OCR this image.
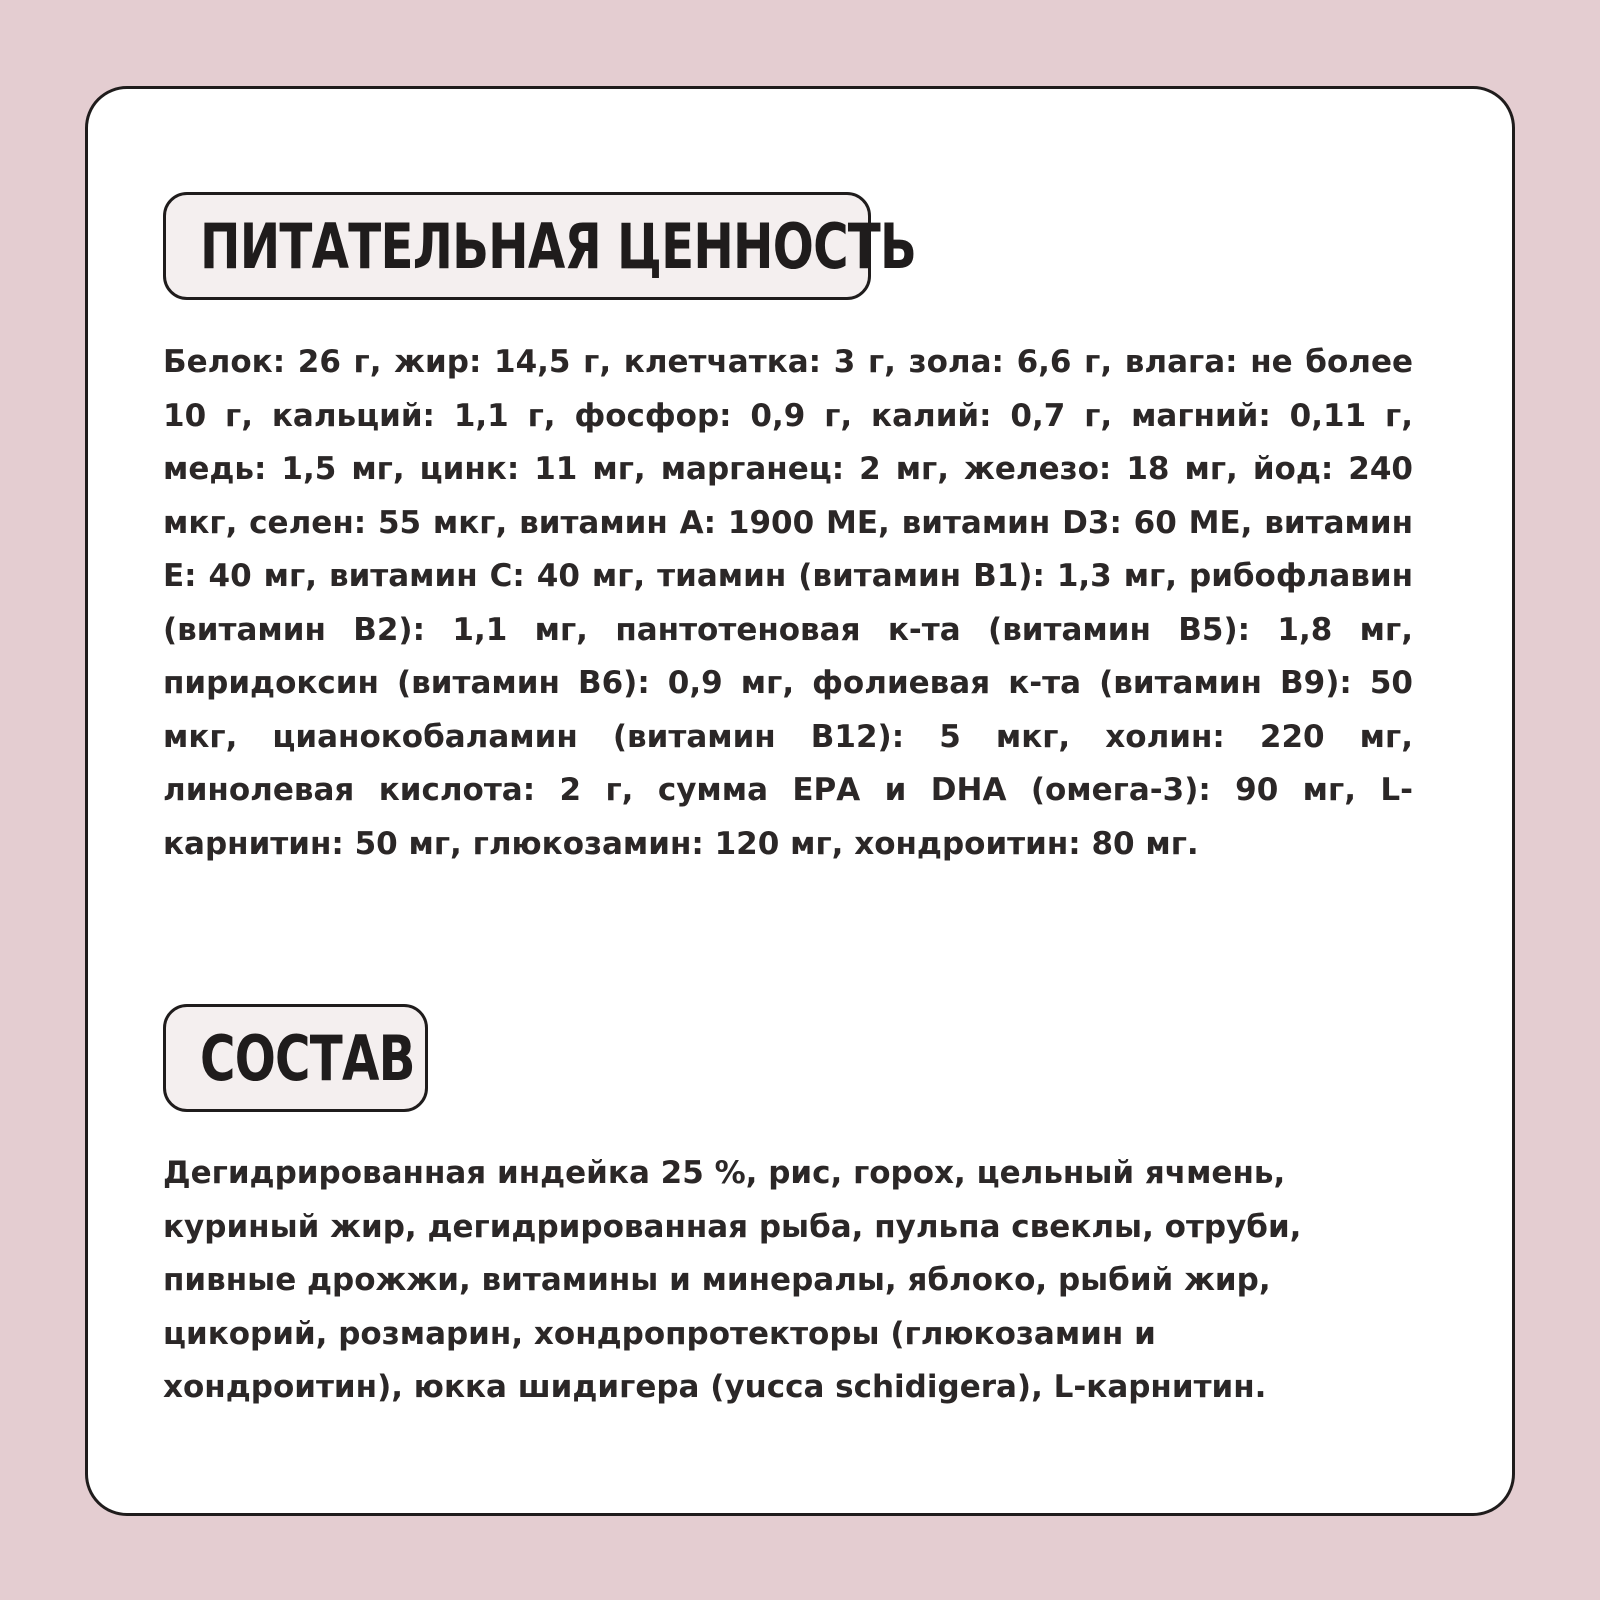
ПИТАТЕЛЬНАЯ ЦЕННОСТЬ

Белок: 26 г, жир: 14,5 г, клетчатка: 3 г, зола: 6,6 г, влага: не более 10 г, кальций: 1,1 г, фосфор: 0,9 г, калий: 0,7 г, магний: 0,11 г, медь: 1,5 мг, цинк: 11 мг, марганец: 2 мг, железо: 18 мг, йод: 240 мкг, селен: 55 мкг, витамин А: 1900 МЕ, витамин D3: 60 МЕ, витамин Е: 40 мг, витамин С: 40 мг, тиамин (витамин В1): 1,3 мг, рибофлавин (витамин В2): 1,1 мг, пантотеновая к-та (витамин В5): 1,8 мг, пиридоксин (витамин В6): 0,9 мг, фолиевая к-та (витамин В9): 50 мкг, цианокобаламин (витамин В12): 5 мкг, холин: 220 мг, линолевая кислота: 2 г, сумма ЕРА и DHA (омега-3): 90 мг, L-карнитин: 50 мг, глюкозамин: 120 мг, хондроитин: 80 мг.

СОСТАВ

Дегидрированная индейка 25 %, рис, горох, цельный ячмень, куриный жир, дегидрированная рыба, пульпа свеклы, отруби, пивные дрожжи, витамины и минералы, яблоко, рыбий жир, цикорий, розмарин, хондропротекторы (глюкозамин и хондроитин), юкка шидигера (yucca schidigera), L-карнитин.
